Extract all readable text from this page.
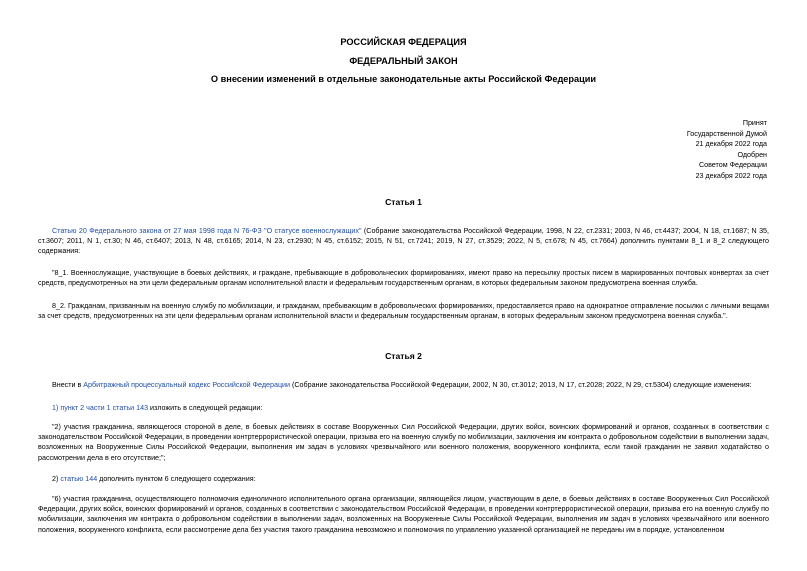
РОССИЙСКАЯ ФЕДЕРАЦИЯ
ФЕДЕРАЛЬНЫЙ ЗАКОН
О внесении изменений в отдельные законодательные акты Российской Федерации
Принят
Государственной Думой
21 декабря 2022 года
Одобрен
Советом Федерации
23 декабря 2022 года
Статья 1
Статью 20 Федерального закона от 27 мая 1998 года N 76-ФЗ "О статусе военнослужащих" (Собрание законодательства Российской Федерации, 1998, N 22, ст.2331; 2003, N 46, ст.4437; 2004, N 18, ст.1687; N 35, ст.3607; 2011, N 1, ст.30; N 46, ст.6407; 2013, N 48, ст.6165; 2014, N 23, ст.2930; N 45, ст.6152; 2015, N 51, ст.7241; 2019, N 27, ст.3529; 2022, N 5, ст.678; N 45, ст.7664) дополнить пунктами 8_1 и 8_2 следующего содержания:
"8_1. Военнослужащие, участвующие в боевых действиях, и граждане, пребывающие в добровольческих формированиях, имеют право на пересылку простых писем в маркированных почтовых конвертах за счет средств, предусмотренных на эти цели федеральным органам исполнительной власти и федеральным государственным органам, в которых федеральным законом предусмотрена военная служба.
8_2. Гражданам, призванным на военную службу по мобилизации, и гражданам, пребывающим в добровольческих формированиях, предоставляется право на однократное отправление посылки с личными вещами за счет средств, предусмотренных на эти цели федеральным органам исполнительной власти и федеральным государственным органам, в которых федеральным законом предусмотрена военная служба.".
Статья 2
Внести в Арбитражный процессуальный кодекс Российской Федерации (Собрание законодательства Российской Федерации, 2002, N 30, ст.3012; 2013, N 17, ст.2028; 2022, N 29, ст.5304) следующие изменения:
1) пункт 2 части 1 статьи 143 изложить в следующей редакции:
"2) участия гражданина, являющегося стороной в деле, в боевых действиях в составе Вооруженных Сил Российской Федерации, других войск, воинских формирований и органов, созданных в соответствии с законодательством Российской Федерации, в проведении контртеррористической операции, призыва его на военную службу по мобилизации, заключения им контракта о добровольном содействии в выполнении задач, возложенных на Вооруженные Силы Российской Федерации, выполнения им задач в условиях чрезвычайного или военного положения, вооруженного конфликта, если такой гражданин не заявил ходатайство о рассмотрении дела в его отсутствие;";
2) статью 144 дополнить пунктом 6 следующего содержания:
"6) участия гражданина, осуществляющего полномочия единоличного исполнительного органа организации, являющейся лицом, участвующим в деле, в боевых действиях в составе Вооруженных Сил Российской Федерации, других войск, воинских формирований и органов, созданных в соответствии с законодательством Российской Федерации, в проведении контртеррористической операции, призыва его на военную службу по мобилизации, заключения им контракта о добровольном содействии в выполнении задач, возложенных на Вооруженные Силы Российской Федерации, выполнения им задач в условиях чрезвычайного или военного положения, вооруженного конфликта, если рассмотрение дела без участия такого гражданина невозможно и полномочия по управлению указанной организацией не переданы им в порядке, установленном
